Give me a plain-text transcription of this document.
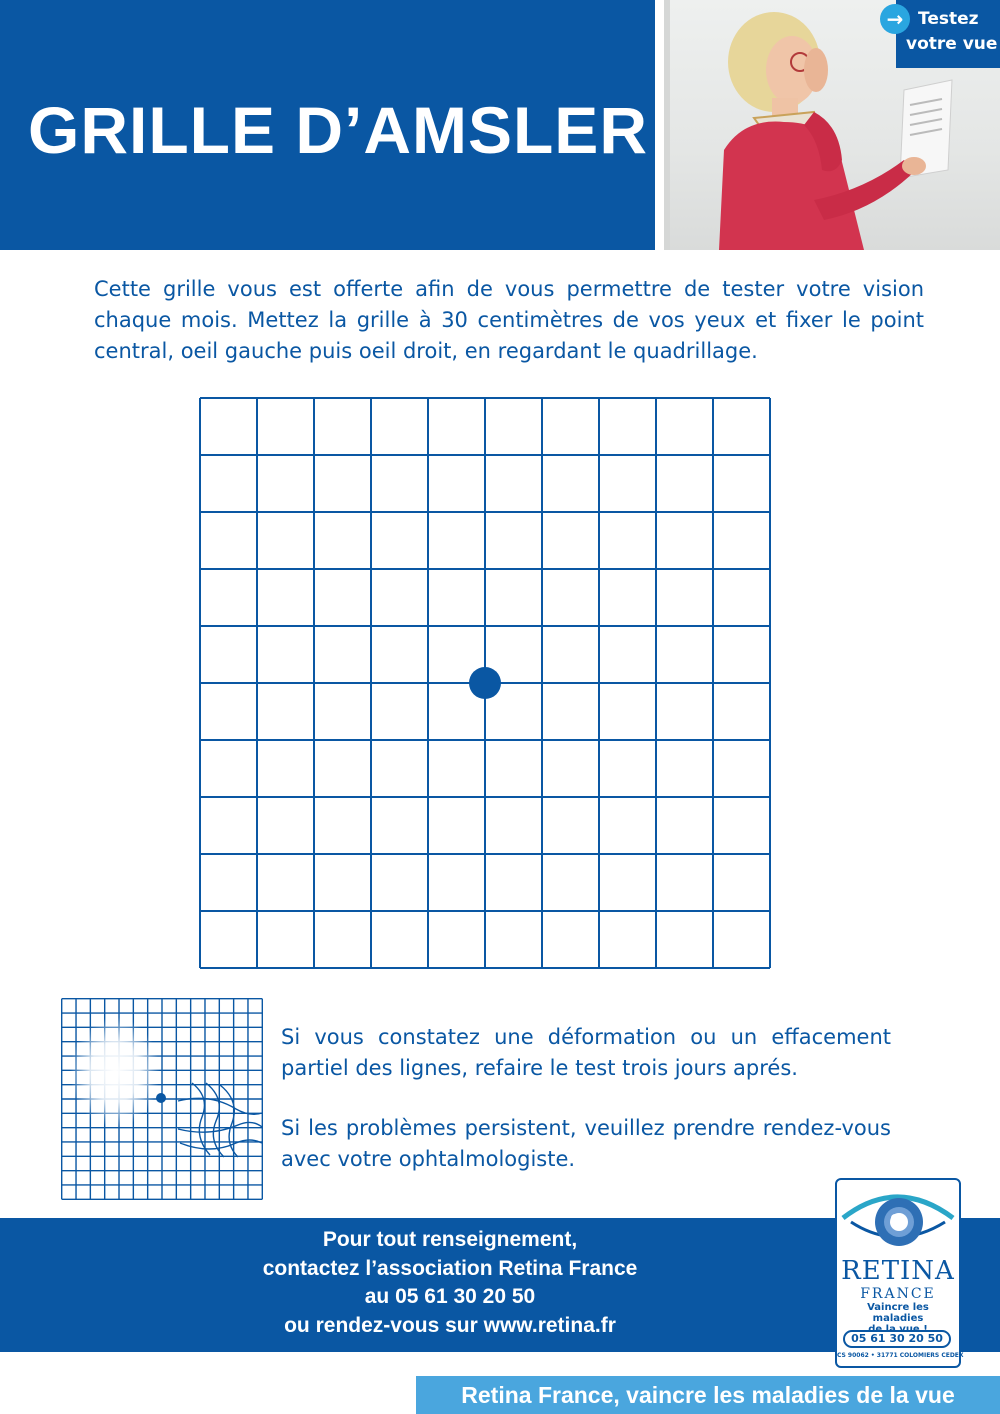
GRILLE D’AMSLER
→ Testez
votre vue

Cette grille vous est offerte afin de vous permettre de tester votre vision chaque mois. Mettez la grille à 30 centimètres de vos yeux et fixer le point central, oeil gauche puis oeil droit, en regardant le quadrillage.

Si vous constatez une déformation ou un effacement partiel des lignes, refaire le test trois jours aprés.

Si les problèmes persistent, veuillez prendre rendez-vous avec votre ophtalmologiste.

Pour tout renseignement,
contactez l’association Retina France
au 05 61 30 20 50
ou rendez-vous sur www.retina.fr
RETINA
FRANCE
Vaincre les maladies
de la vue !
05 61 30 20 50
CS 90062 • 31771 COLOMIERS CEDEX
Retina France, vaincre les maladies de la vue
